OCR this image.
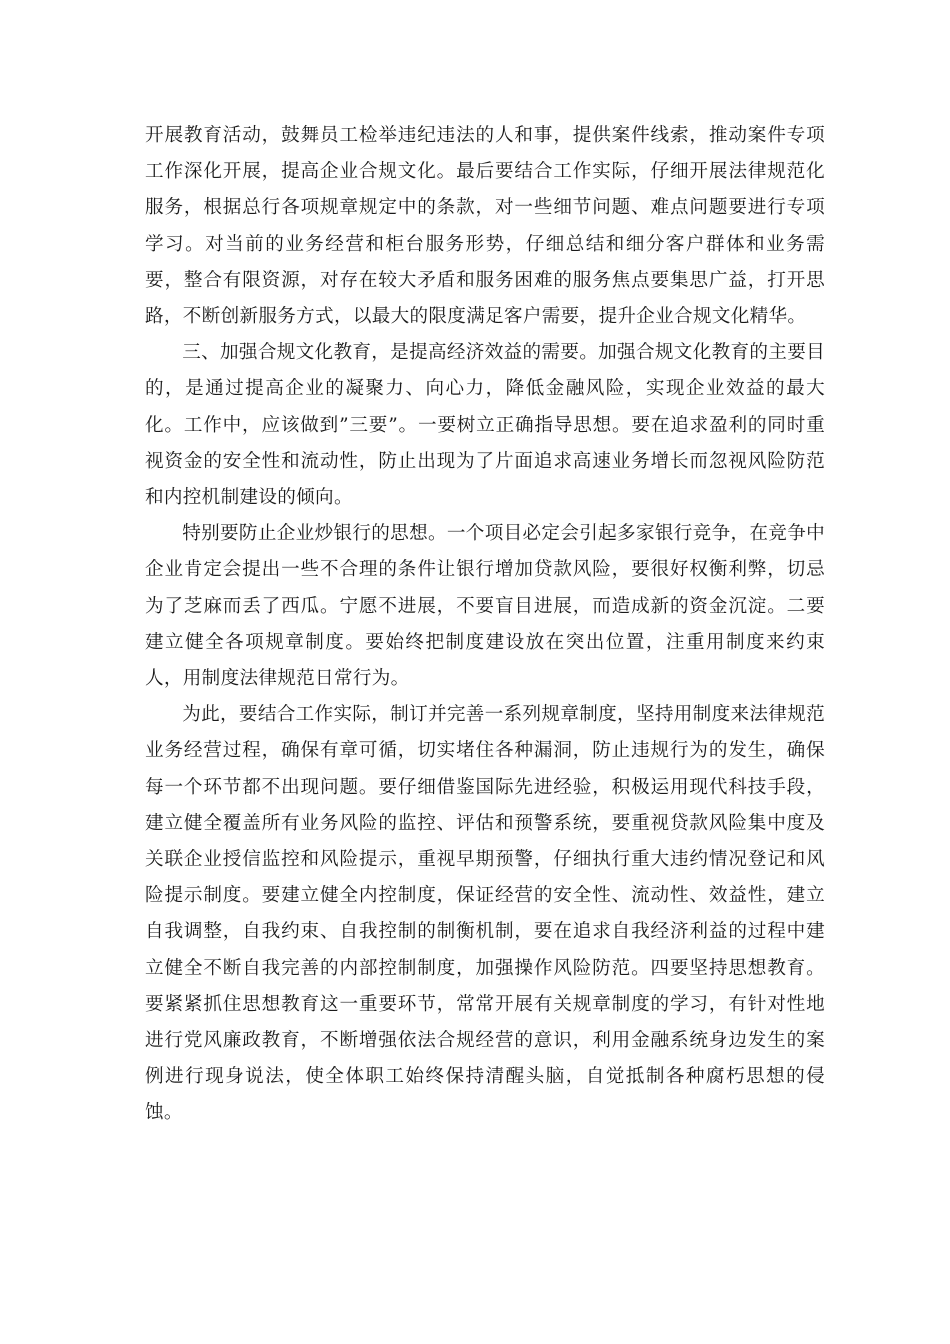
开展教育活动，鼓舞员工检举违纪违法的人和事，提供案件线索，推动案件专项工作深化开展，提高企业合规文化。最后要结合工作实际，仔细开展法律规范化服务，根据总行各项规章规定中的条款，对一些细节问题、难点问题要进行专项学习。对当前的业务经营和柜台服务形势，仔细总结和细分客户群体和业务需要，整合有限资源，对存在较大矛盾和服务困难的服务焦点要集思广益，打开思路，不断创新服务方式，以最大的限度满足客户需要，提升企业合规文化精华。

三、加强合规文化教育，是提高经济效益的需要。加强合规文化教育的主要目的，是通过提高企业的凝聚力、向心力，降低金融风险，实现企业效益的最大化。工作中，应该做到”三要”。一要树立正确指导思想。要在追求盈利的同时重视资金的安全性和流动性，防止出现为了片面追求高速业务增长而忽视风险防范和内控机制建设的倾向。

特别要防止企业炒银行的思想。一个项目必定会引起多家银行竞争，在竞争中企业肯定会提出一些不合理的条件让银行增加贷款风险，要很好权衡利弊，切忌为了芝麻而丢了西瓜。宁愿不进展，不要盲目进展，而造成新的资金沉淀。二要建立健全各项规章制度。要始终把制度建设放在突出位置，注重用制度来约束人，用制度法律规范日常行为。

为此，要结合工作实际，制订并完善一系列规章制度，坚持用制度来法律规范业务经营过程，确保有章可循，切实堵住各种漏洞，防止违规行为的发生，确保每一个环节都不出现问题。要仔细借鉴国际先进经验，积极运用现代科技手段，建立健全覆盖所有业务风险的监控、评估和预警系统，要重视贷款风险集中度及关联企业授信监控和风险提示，重视早期预警，仔细执行重大违约情况登记和风险提示制度。要建立健全内控制度，保证经营的安全性、流动性、效益性，建立自我调整，自我约束、自我控制的制衡机制，要在追求自我经济利益的过程中建立健全不断自我完善的内部控制制度，加强操作风险防范。四要坚持思想教育。要紧紧抓住思想教育这一重要环节，常常开展有关规章制度的学习，有针对性地进行党风廉政教育，不断增强依法合规经营的意识，利用金融系统身边发生的案例进行现身说法，使全体职工始终保持清醒头脑，自觉抵制各种腐朽思想的侵蚀。
